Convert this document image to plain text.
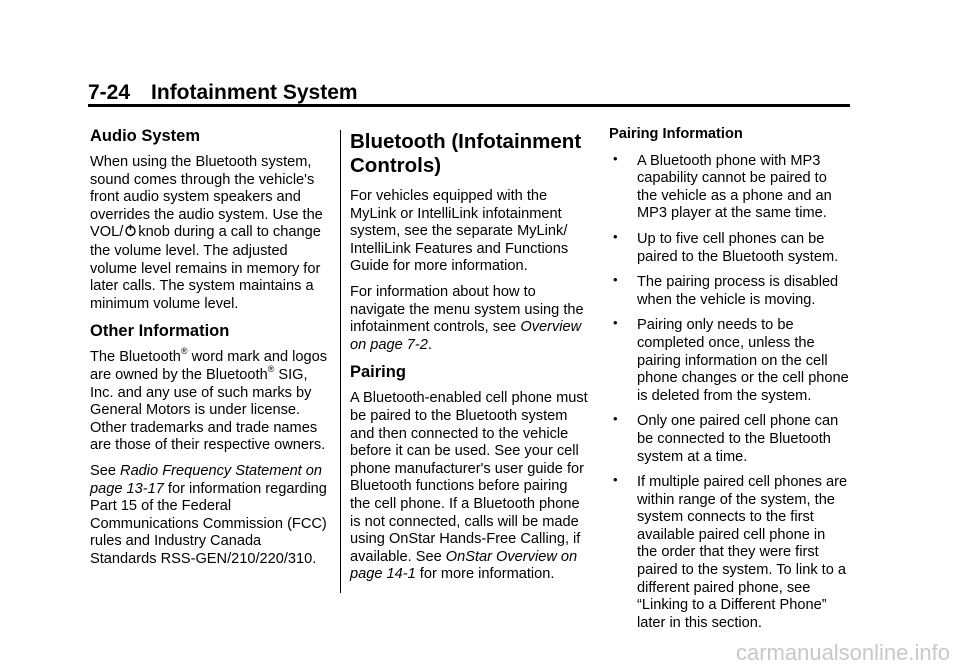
7-24 Infotainment System
Audio System

When using the Bluetooth system, sound comes through the vehicle's front audio system speakers and overrides the audio system. Use the VOL/ knob during a call to change the volume level. The adjusted volume level remains in memory for later calls. The system maintains a minimum volume level.

Other Information

The Bluetooth® word mark and logos are owned by the Bluetooth® SIG, Inc. and any use of such marks by General Motors is under license. Other trademarks and trade names are those of their respective owners.

See Radio Frequency Statement on page 13-17 for information regarding Part 15 of the Federal Communications Commission (FCC) rules and Industry Canada Standards RSS-GEN/210/220/310.

Bluetooth (Infotainment Controls)

For vehicles equipped with the MyLink or IntelliLink infotainment system, see the separate MyLink/ IntelliLink Features and Functions Guide for more information.

For information about how to navigate the menu system using the infotainment controls, see Overview on page 7-2.

Pairing

A Bluetooth-enabled cell phone must be paired to the Bluetooth system and then connected to the vehicle before it can be used. See your cell phone manufacturer's user guide for Bluetooth functions before pairing the cell phone. If a Bluetooth phone is not connected, calls will be made using OnStar Hands-Free Calling, if available. See OnStar Overview on page 14-1 for more information.

Pairing Information
• A Bluetooth phone with MP3 capability cannot be paired to the vehicle as a phone and an MP3 player at the same time.
• Up to five cell phones can be paired to the Bluetooth system.
• The pairing process is disabled when the vehicle is moving.
• Pairing only needs to be completed once, unless the pairing information on the cell phone changes or the cell phone is deleted from the system.
• Only one paired cell phone can be connected to the Bluetooth system at a time.
• If multiple paired cell phones are within range of the system, the system connects to the first available paired cell phone in the order that they were first paired to the system. To link to a different paired phone, see “Linking to a Different Phone” later in this section.
carmanualsonline.info
